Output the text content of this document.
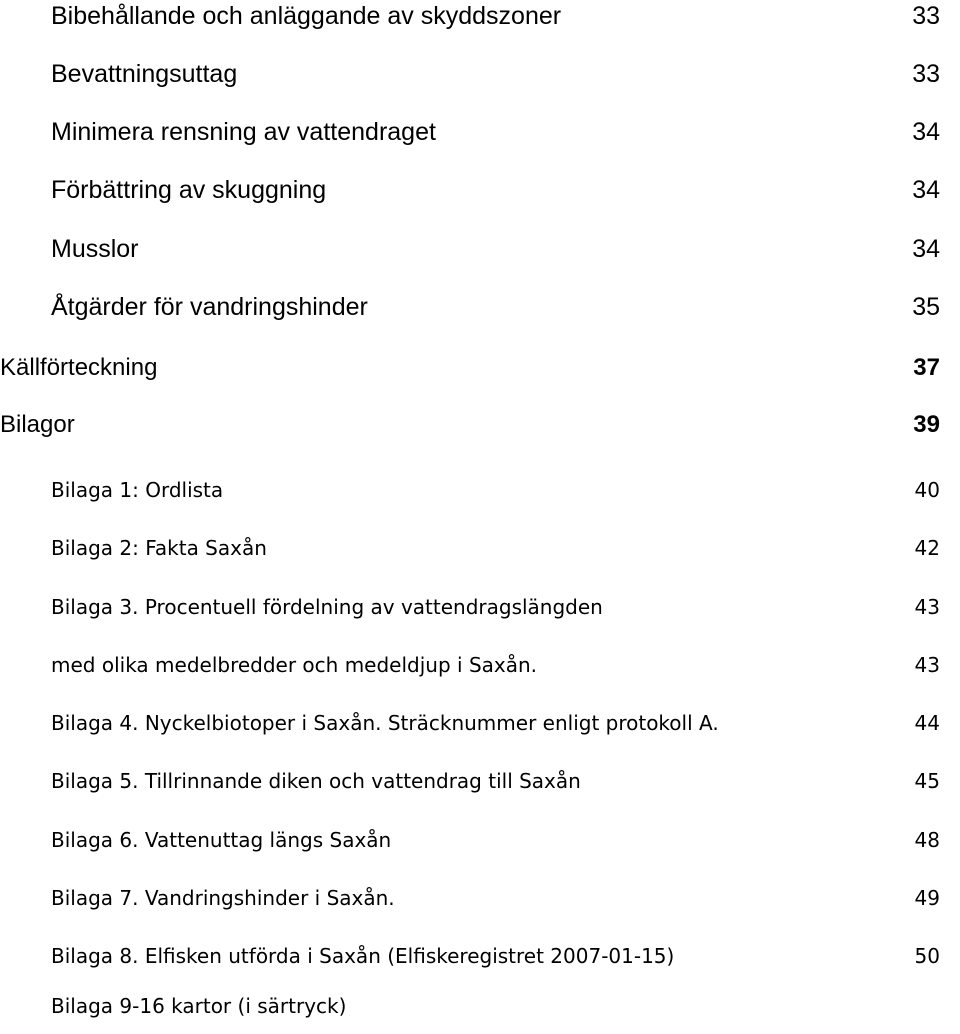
Bibehållande och anläggande av skyddszoner	33
Bevattningsuttag	33
Minimera rensning av vattendraget	34
Förbättring av skuggning	34
Musslor	34
Åtgärder för vandringshinder	35
Källförteckning	37
Bilagor	39
Bilaga 1: Ordlista	40
Bilaga 2: Fakta Saxån	42
Bilaga 3. Procentuell fördelning av vattendragslängden	43
med olika medelbredder och medeldjup i Saxån.	43
Bilaga 4. Nyckelbiotoper i Saxån. Sträcknummer enligt protokoll A.	44
Bilaga 5. Tillrinnande diken och vattendrag till Saxån	45
Bilaga 6. Vattenuttag längs Saxån	48
Bilaga 7. Vandringshinder i Saxån.	49
Bilaga 8. Elfisken utförda i Saxån (Elfiskeregistret 2007-01-15)	50
Bilaga 9-16 kartor (i särtryck)
